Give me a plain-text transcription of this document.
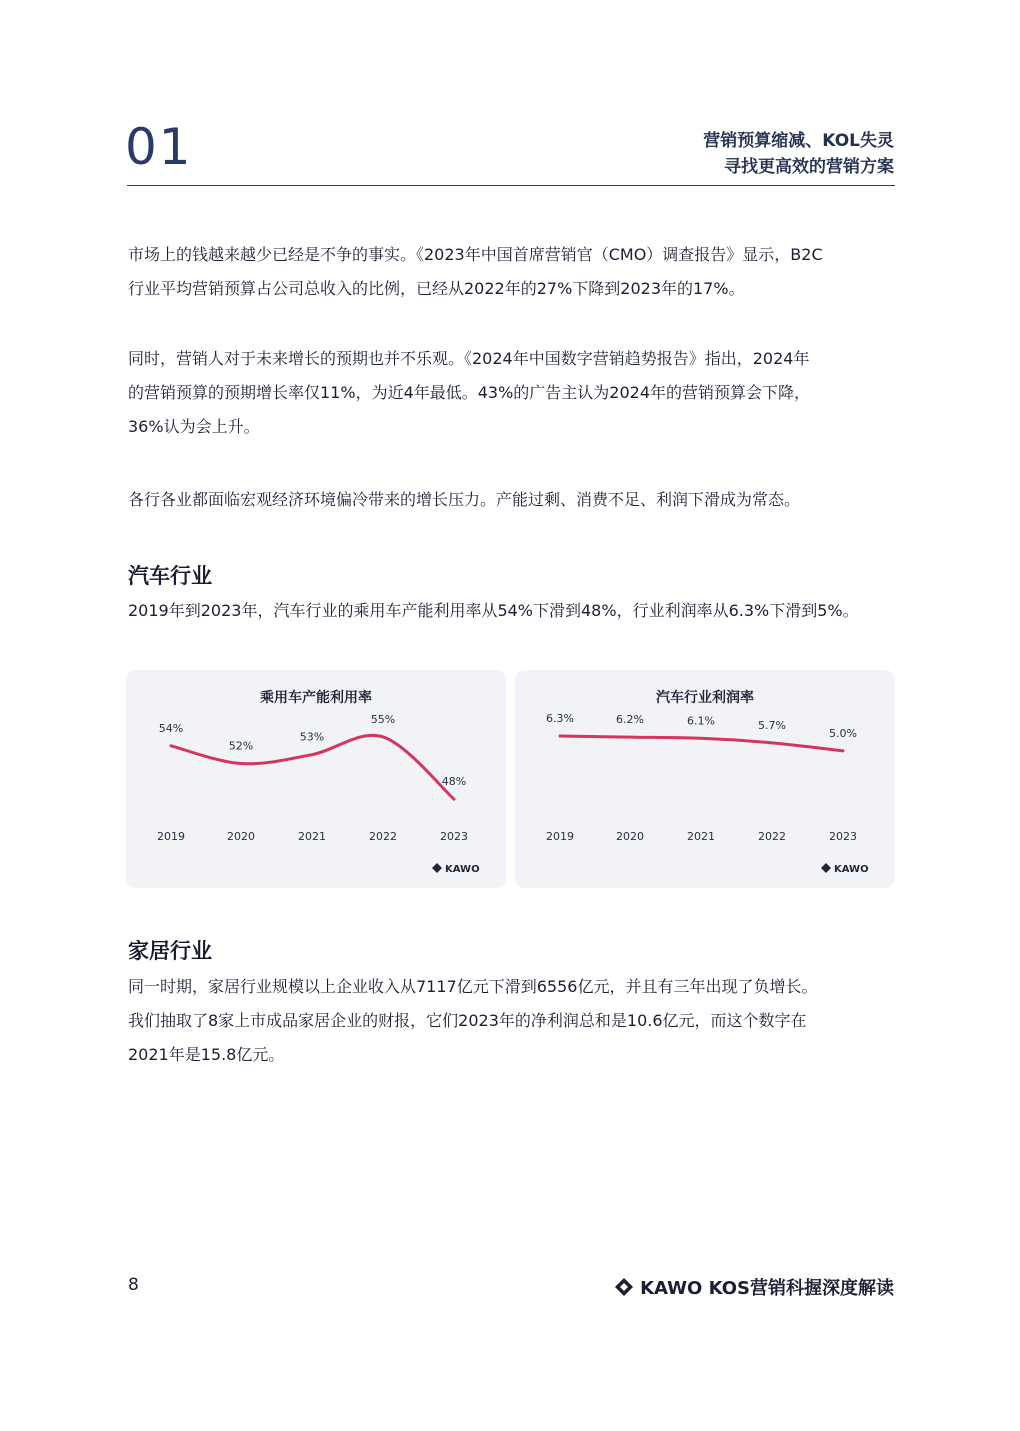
01	营销预算缩减、KOL失灵
寻找更高效的营销方案

市场上的钱越来越少已经是不争的事实。《2023年中国首席营销官（CMO）调查报告》显示，B2C

行业平均营销预算占公司总收入的比例，已经从2022年的27%下降到2023年的17%。

同时，营销人对于未来增长的预期也并不乐观。《2024年中国数字营销趋势报告》指出，2024年

的营销预算的预期增长率仅11%，为近4年最低。43%的广告主认为2024年的营销预算会下降，

36%认为会上升。

各行各业都面临宏观经济环境偏冷带来的增长压力。产能过剩、消费不足、利润下滑成为常态。

汽车行业

2019年到2023年，汽车行业的乘用车产能利用率从54%下滑到48%，行业利润率从6.3%下滑到5%。

乘用车产能利用率
54%
2019
52%
2020
53%
2021
55%
2022
48%
2023
KAWO
汽车行业利润率
6.3%
2019
6.2%
2020
6.1%
2021
5.7%
2022
5.0%
2023
KAWO
家居行业

同一时期，家居行业规模以上企业收入从7117亿元下滑到6556亿元，并且有三年出现了负增长。

我们抽取了8家上市成品家居企业的财报，它们2023年的净利润总和是10.6亿元，而这个数字在

2021年是15.8亿元。

8	KAWO KOS营销科握深度解读
